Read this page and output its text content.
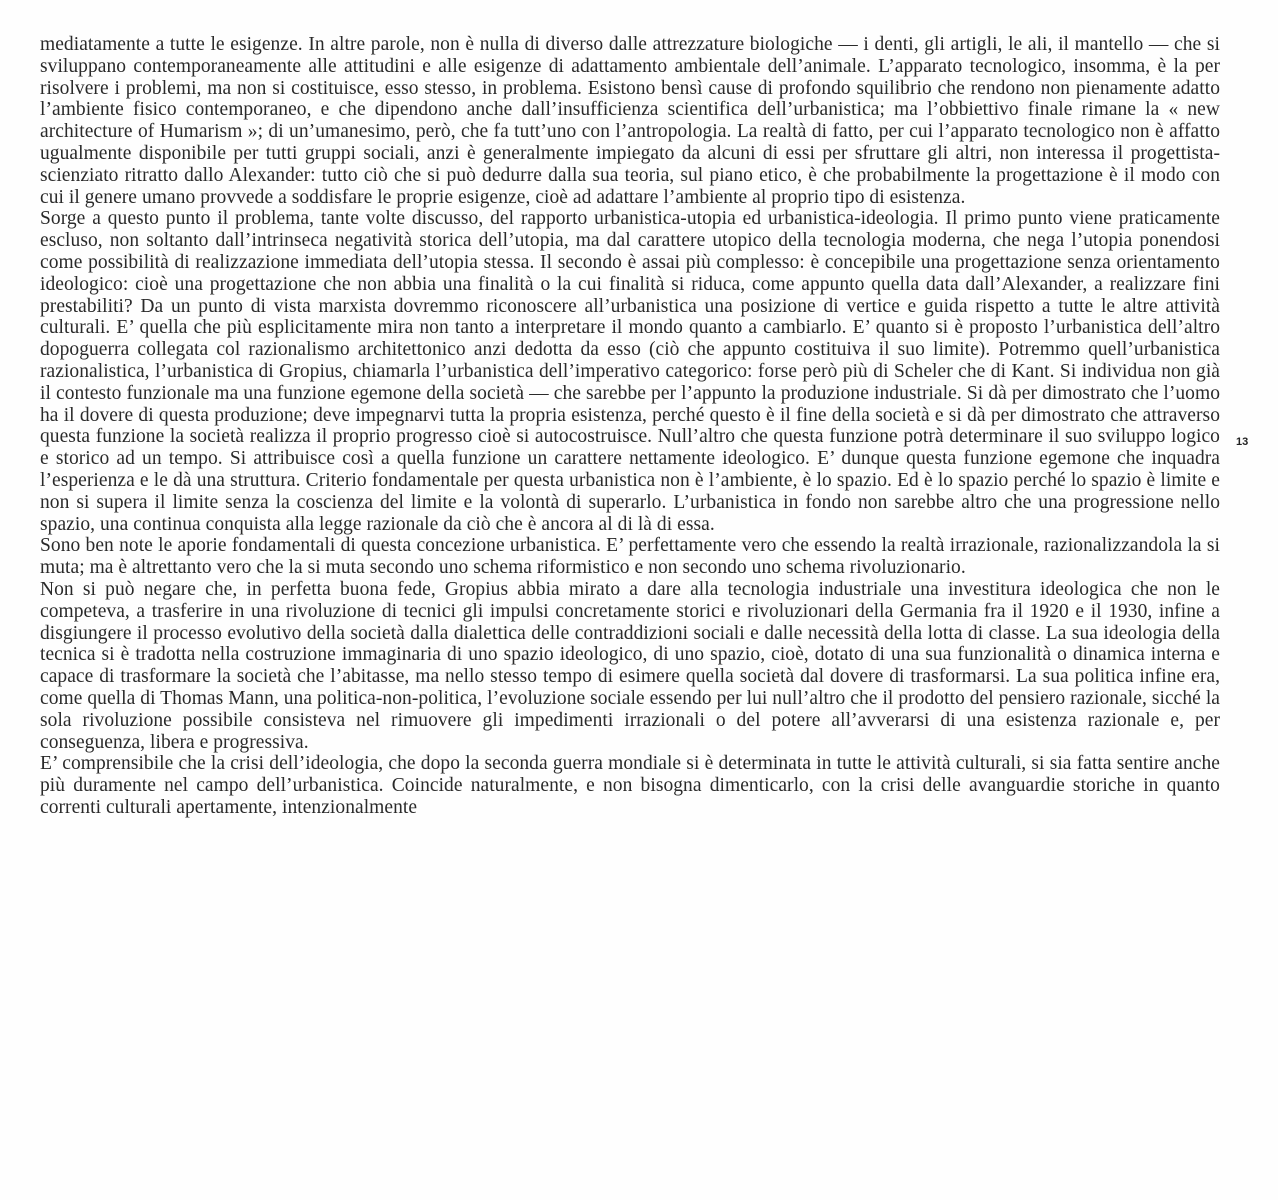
mediatamente a tutte le esigenze. In altre parole, non è nulla di diverso dalle attrezzature biologiche — i denti, gli artigli, le ali, il mantello — che si sviluppano contemporaneamente alle attitudini e alle esigenze di adattamento ambientale dell’animale. L’apparato tecnologico, insomma, è la per risolvere i problemi, ma non si costituisce, esso stesso, in problema. Esistono bensì cause di profondo squilibrio che rendono non pienamente adatto l’ambiente fisico contemporaneo, e che dipendono anche dall’insufficienza scientifica dell’urbanistica; ma l’obbiettivo finale rimane la « new architecture of Humarism »; di un’umanesimo, però, che fa tutt’uno con l’antropologia. La realtà di fatto, per cui l’apparato tecnologico non è affatto ugualmente disponibile per tutti gruppi sociali, anzi è generalmente impiegato da alcuni di essi per sfruttare gli altri, non interessa il progettista-scienziato ritratto dallo Alexander: tutto ciò che si può dedurre dalla sua teoria, sul piano etico, è che probabilmente la progettazione è il modo con cui il genere umano provvede a soddisfare le proprie esigenze, cioè ad adattare l’ambiente al proprio tipo di esistenza.

Sorge a questo punto il problema, tante volte discusso, del rapporto urbanistica-utopia ed urbanistica-ideologia. Il primo punto viene praticamente escluso, non soltanto dall’intrinseca negatività storica dell’utopia, ma dal carattere utopico della tecnologia moderna, che nega l’utopia ponendosi come possibilità di realizzazione immediata dell’utopia stessa. Il secondo è assai più complesso: è concepibile una progettazione senza orientamento ideologico: cioè una progettazione che non abbia una finalità o la cui finalità si riduca, come appunto quella data dall’Alexander, a realizzare fini prestabiliti? Da un punto di vista marxista dovremmo riconoscere all’urbanistica una posizione di vertice e guida rispetto a tutte le altre attività culturali. E’ quella che più esplicitamente mira non tanto a interpretare il mondo quanto a cambiarlo. E’ quanto si è proposto l’urbanistica dell’altro dopoguerra collegata col razionalismo architettonico anzi dedotta da esso (ciò che appunto costituiva il suo limite). Potremmo quell’urbanistica razionalistica, l’urbanistica di Gropius, chiamarla l’urbanistica dell’imperativo categorico: forse però più di Scheler che di Kant. Si individua non già il contesto funzionale ma una funzione egemone della società — che sarebbe per l’appunto la produzione industriale. Si dà per dimostrato che l’uomo ha il dovere di questa produzione; deve impegnarvi tutta la propria esistenza, perché questo è il fine della società e si dà per dimostrato che attraverso questa funzione la società realizza il proprio progresso cioè si autocostruisce. Null’altro che questa funzione potrà determinare il suo sviluppo logico e storico ad un tempo. Si attribuisce così a quella funzione un carattere nettamente ideologico. E’ dunque questa funzione egemone che inquadra l’esperienza e le dà una struttura. Criterio fondamentale per questa urbanistica non è l’ambiente, è lo spazio. Ed è lo spazio perché lo spazio è limite e non si supera il limite senza la coscienza del limite e la volontà di superarlo. L’urbanistica in fondo non sarebbe altro che una progressione nello spazio, una continua conquista alla legge razionale da ciò che è ancora al di là di essa.

Sono ben note le aporie fondamentali di questa concezione urbanistica. E’ perfettamente vero che essendo la realtà irrazionale, razionalizzandola la si muta; ma è altrettanto vero che la si muta secondo uno schema riformistico e non secondo uno schema rivoluzionario.

Non si può negare che, in perfetta buona fede, Gropius abbia mirato a dare alla tecnologia industriale una investitura ideologica che non le competeva, a trasferire in una rivoluzione di tecnici gli impulsi concretamente storici e rivoluzionari della Germania fra il 1920 e il 1930, infine a disgiungere il processo evolutivo della società dalla dialettica delle contraddizioni sociali e dalle necessità della lotta di classe. La sua ideologia della tecnica si è tradotta nella costruzione immaginaria di uno spazio ideologico, di uno spazio, cioè, dotato di una sua funzionalità o dinamica interna e capace di trasformare la società che l’abitasse, ma nello stesso tempo di esimere quella società dal dovere di trasformarsi. La sua politica infine era, come quella di Thomas Mann, una politica-non-politica, l’evoluzione sociale essendo per lui null’altro che il prodotto del pensiero razionale, sicché la sola rivoluzione possibile consisteva nel rimuovere gli impedimenti irrazionali o del potere all’avverarsi di una esistenza razionale e, per conseguenza, libera e progressiva.

E’ comprensibile che la crisi dell’ideologia, che dopo la seconda guerra mondiale si è determinata in tutte le attività culturali, si sia fatta sentire anche più duramente nel campo dell’urbanistica. Coincide naturalmente, e non bisogna dimenticarlo, con la crisi delle avanguardie storiche in quanto correnti culturali apertamente, intenzionalmente

13
